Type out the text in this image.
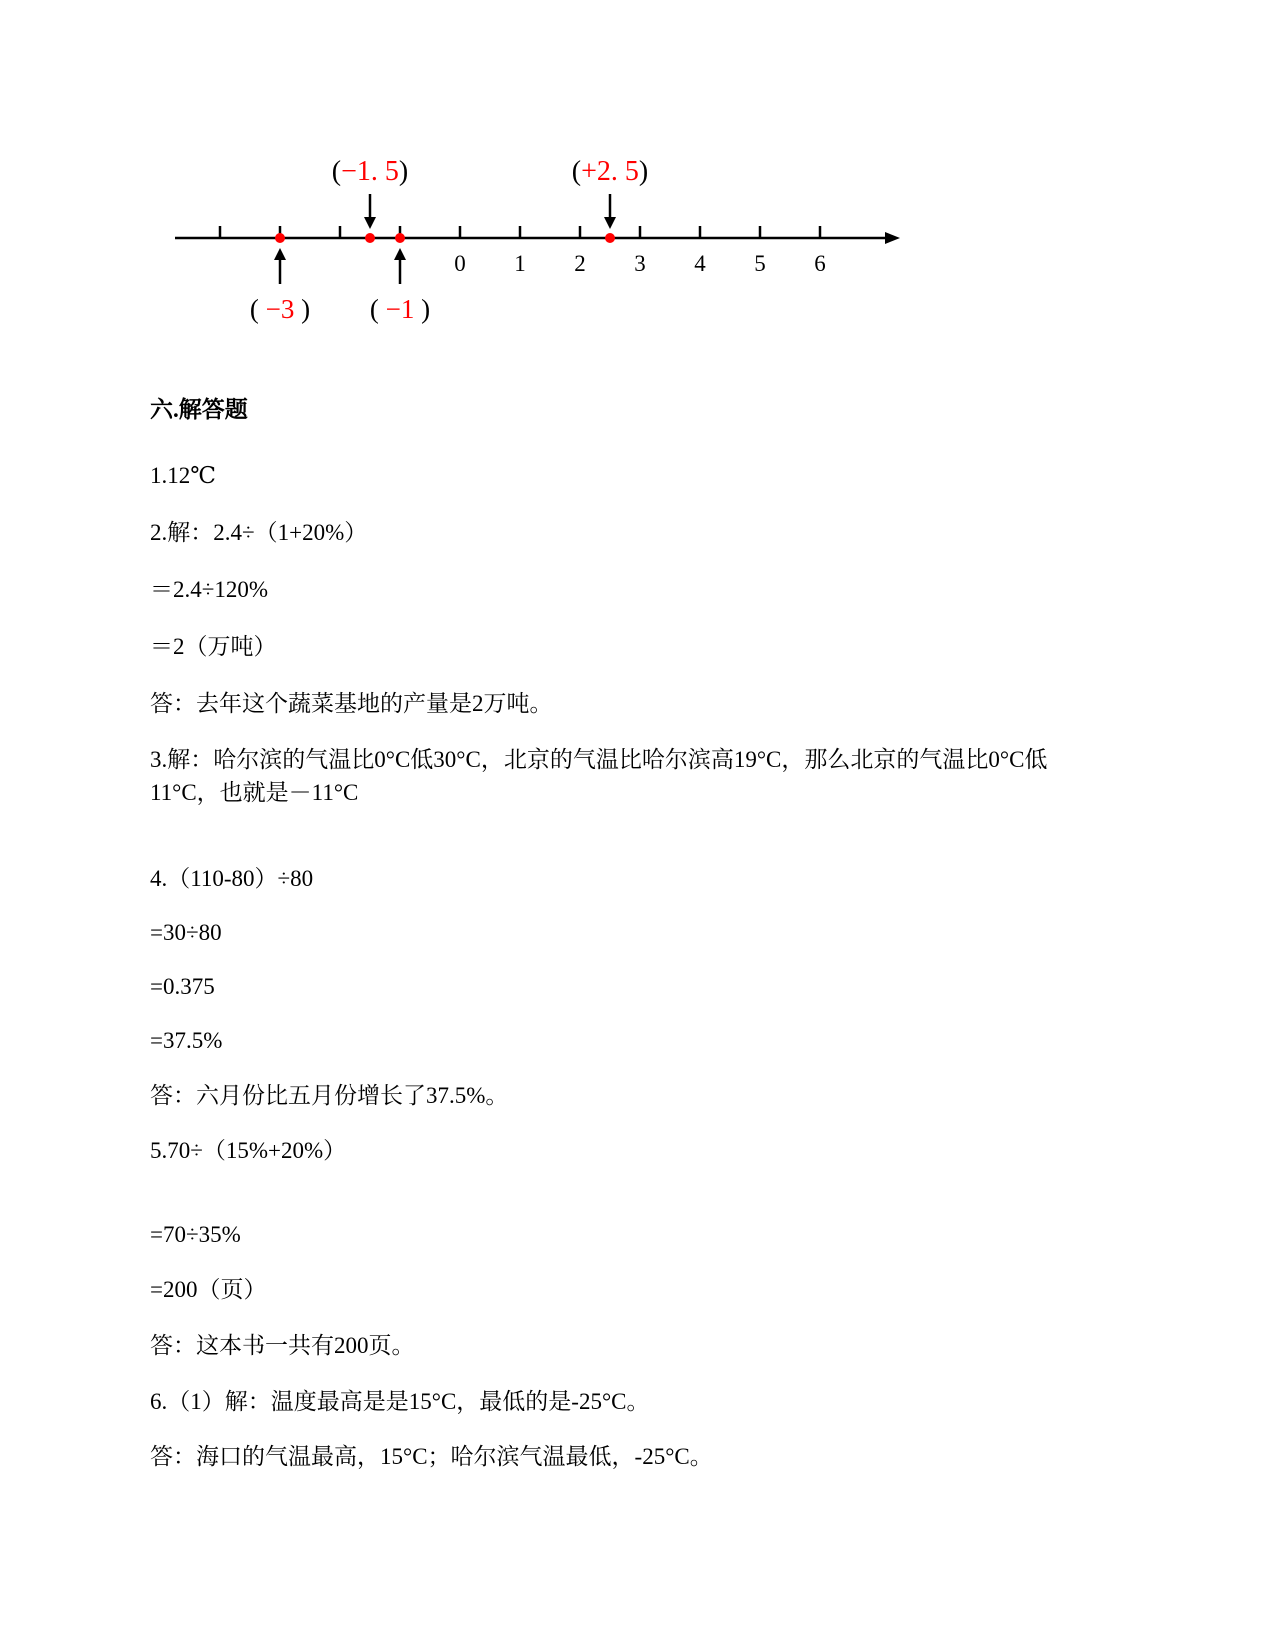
0 1 2 3 4 5 6
( −3 )
(−1. 5)
( −1 )
(+2. 5)
六.解答题
1.12℃
2.解：2.4÷（1+20%）
＝2.4÷120%
＝2（万吨）
答：去年这个蔬菜基地的产量是2万吨。
3.解：哈尔滨的气温比0°C低30°C，北京的气温比哈尔滨高19°C，那么北京的气温比0°C低
11°C，也就是－11°C
4.（110-80）÷80
=30÷80
=0.375
=37.5%
答：六月份比五月份增长了37.5%。
5.70÷（15%+20%）
=70÷35%
=200（页）
答：这本书一共有200页。
6.（1）解：温度最高是是15°C，最低的是-25°C。
答：海口的气温最高，15°C；哈尔滨气温最低，-25°C。
